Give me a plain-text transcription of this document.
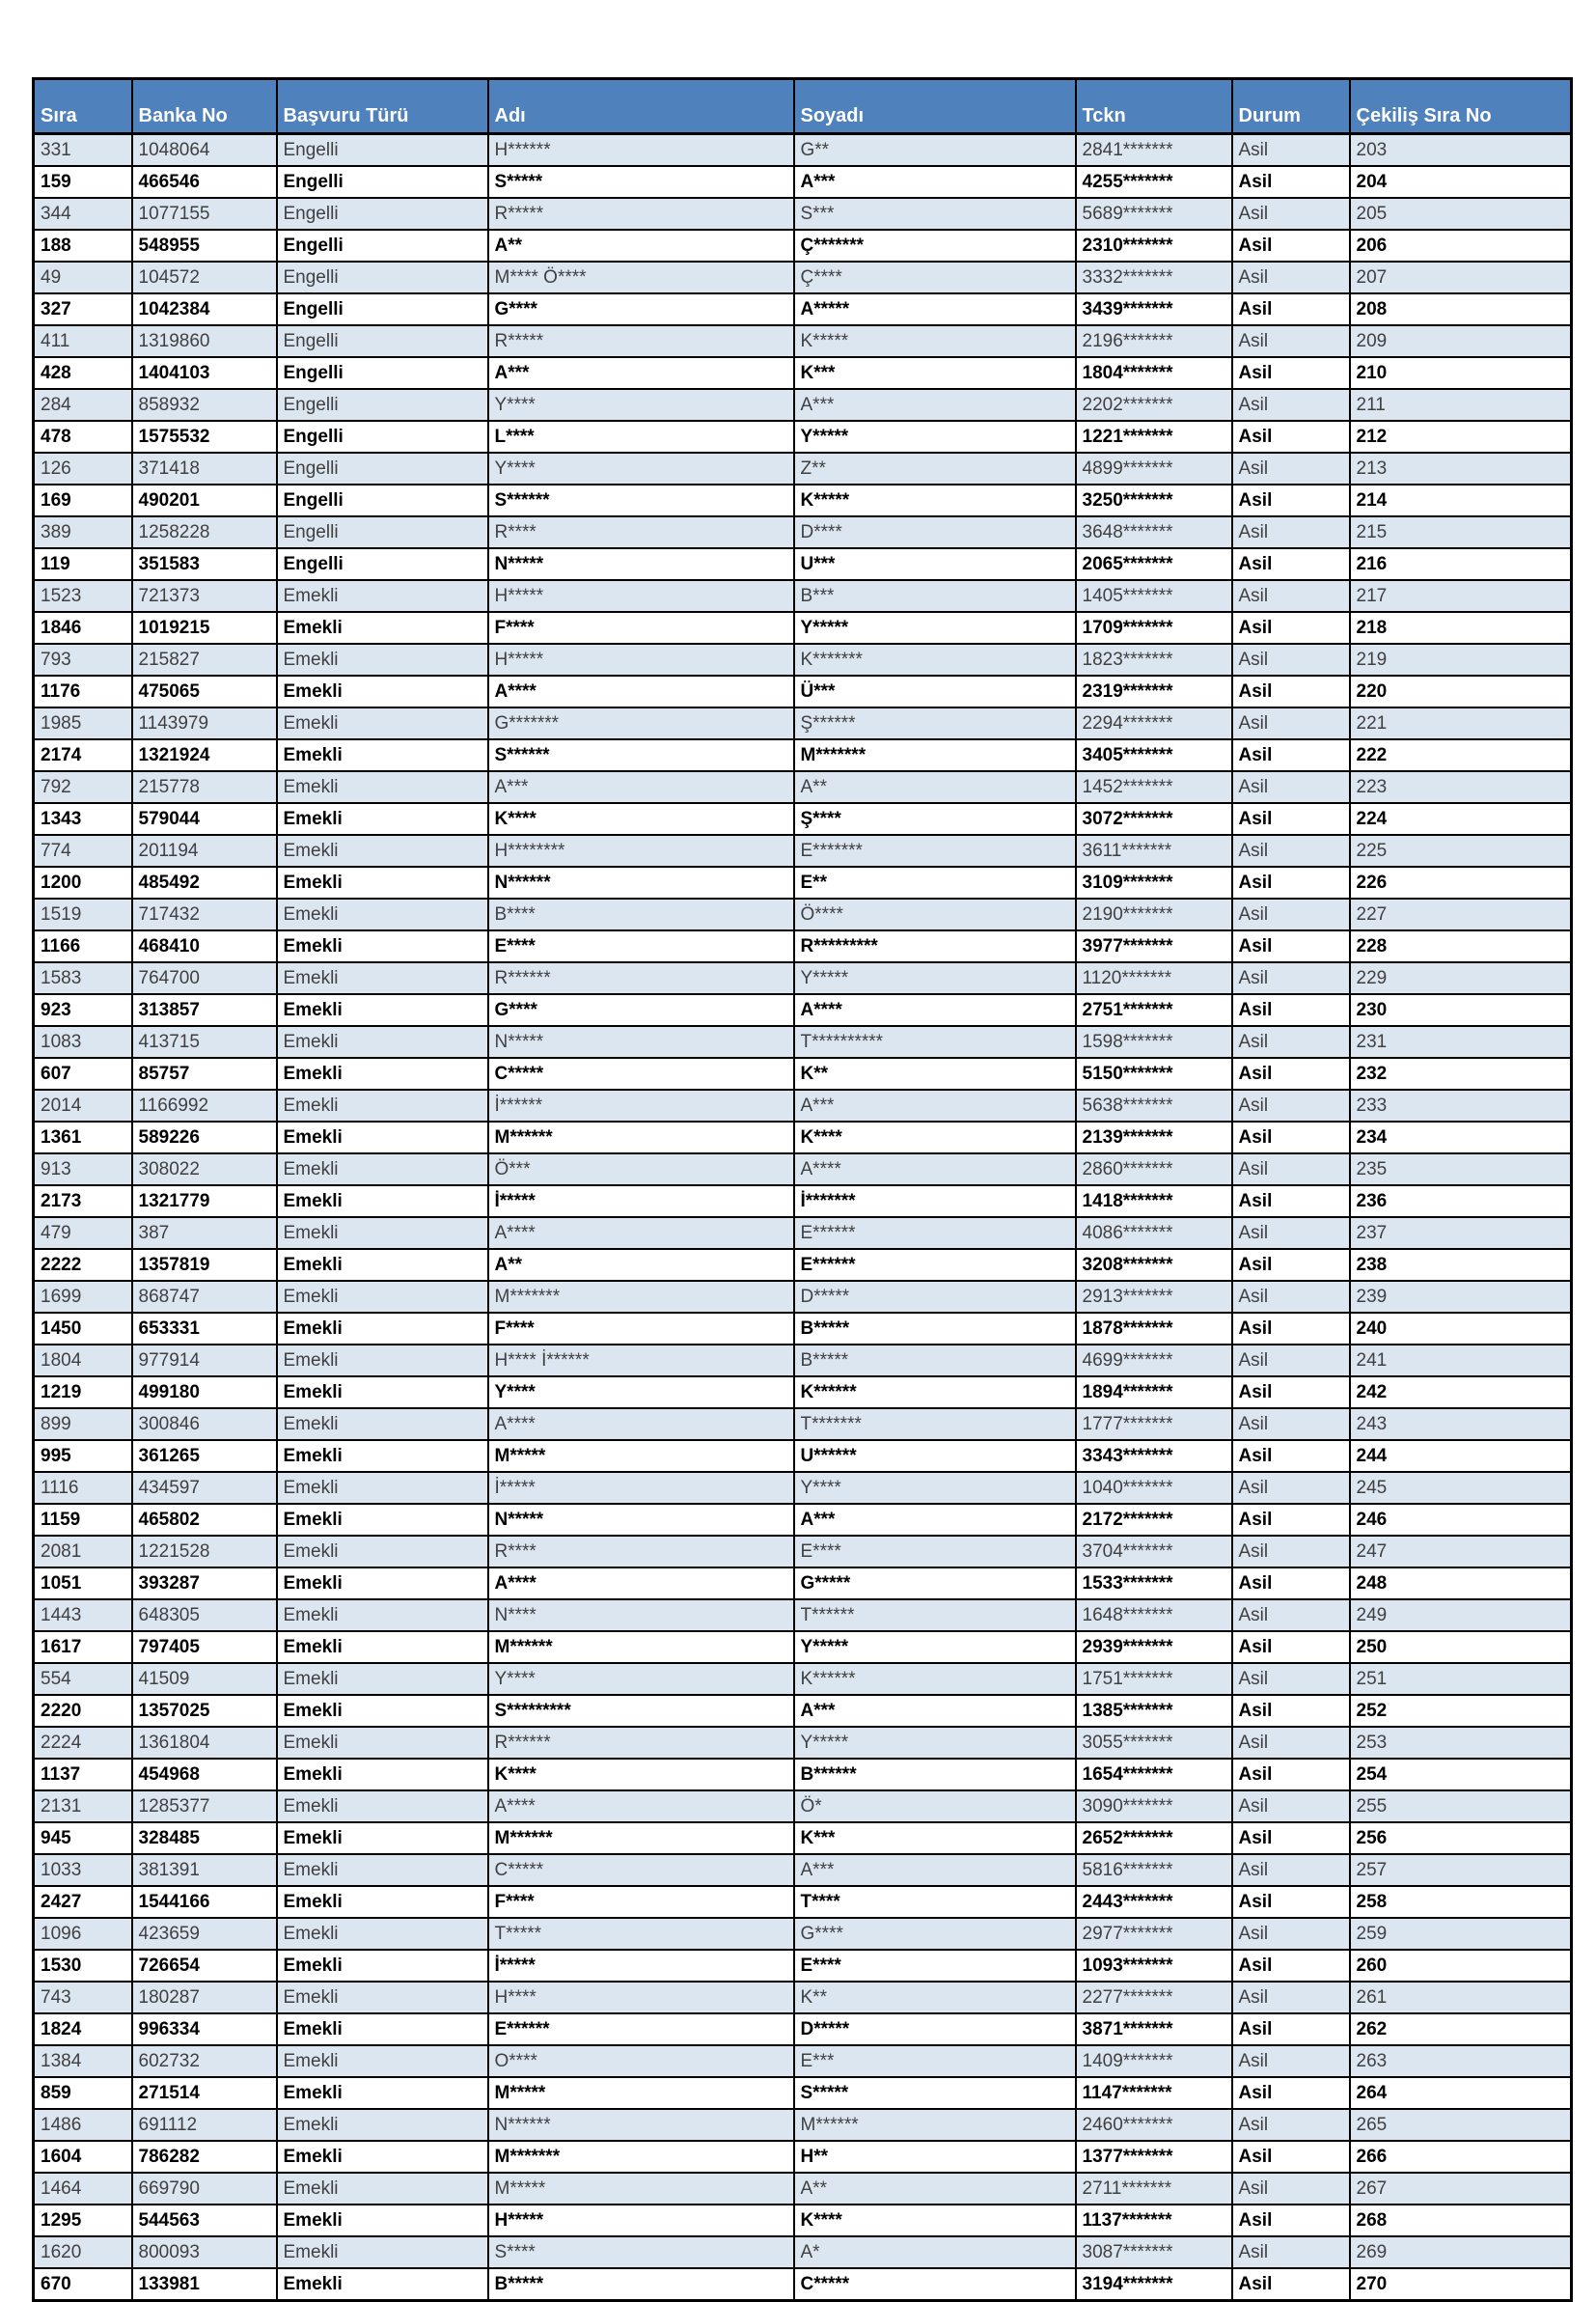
Sıra	Banka No	Başvuru Türü	Adı	Soyadı	Tckn	Durum	Çekiliş Sıra No
331	1048064	Engelli	H******	G**	2841*******	Asil	203
159	466546	Engelli	S*****	A***	4255*******	Asil	204
344	1077155	Engelli	R*****	S***	5689*******	Asil	205
188	548955	Engelli	A**	Ç*******	2310*******	Asil	206
49	104572	Engelli	M**** Ö****	Ç****	3332*******	Asil	207
327	1042384	Engelli	G****	A*****	3439*******	Asil	208
411	1319860	Engelli	R*****	K*****	2196*******	Asil	209
428	1404103	Engelli	A***	K***	1804*******	Asil	210
284	858932	Engelli	Y****	A***	2202*******	Asil	211
478	1575532	Engelli	L****	Y*****	1221*******	Asil	212
126	371418	Engelli	Y****	Z**	4899*******	Asil	213
169	490201	Engelli	S******	K*****	3250*******	Asil	214
389	1258228	Engelli	R****	D****	3648*******	Asil	215
119	351583	Engelli	N*****	U***	2065*******	Asil	216
1523	721373	Emekli	H*****	B***	1405*******	Asil	217
1846	1019215	Emekli	F****	Y*****	1709*******	Asil	218
793	215827	Emekli	H*****	K*******	1823*******	Asil	219
1176	475065	Emekli	A****	Ü***	2319*******	Asil	220
1985	1143979	Emekli	G*******	Ş******	2294*******	Asil	221
2174	1321924	Emekli	S******	M*******	3405*******	Asil	222
792	215778	Emekli	A***	A**	1452*******	Asil	223
1343	579044	Emekli	K****	Ş****	3072*******	Asil	224
774	201194	Emekli	H********	E*******	3611*******	Asil	225
1200	485492	Emekli	N******	E**	3109*******	Asil	226
1519	717432	Emekli	B****	Ö****	2190*******	Asil	227
1166	468410	Emekli	E****	R*********	3977*******	Asil	228
1583	764700	Emekli	R******	Y*****	1120*******	Asil	229
923	313857	Emekli	G****	A****	2751*******	Asil	230
1083	413715	Emekli	N*****	T**********	1598*******	Asil	231
607	85757	Emekli	C*****	K**	5150*******	Asil	232
2014	1166992	Emekli	İ******	A***	5638*******	Asil	233
1361	589226	Emekli	M******	K****	2139*******	Asil	234
913	308022	Emekli	Ö***	A****	2860*******	Asil	235
2173	1321779	Emekli	İ*****	İ*******	1418*******	Asil	236
479	387	Emekli	A****	E******	4086*******	Asil	237
2222	1357819	Emekli	A**	E******	3208*******	Asil	238
1699	868747	Emekli	M*******	D*****	2913*******	Asil	239
1450	653331	Emekli	F****	B*****	1878*******	Asil	240
1804	977914	Emekli	H**** İ******	B*****	4699*******	Asil	241
1219	499180	Emekli	Y****	K******	1894*******	Asil	242
899	300846	Emekli	A****	T*******	1777*******	Asil	243
995	361265	Emekli	M*****	U******	3343*******	Asil	244
1116	434597	Emekli	İ*****	Y****	1040*******	Asil	245
1159	465802	Emekli	N*****	A***	2172*******	Asil	246
2081	1221528	Emekli	R****	E****	3704*******	Asil	247
1051	393287	Emekli	A****	G*****	1533*******	Asil	248
1443	648305	Emekli	N****	T******	1648*******	Asil	249
1617	797405	Emekli	M******	Y*****	2939*******	Asil	250
554	41509	Emekli	Y****	K******	1751*******	Asil	251
2220	1357025	Emekli	S*********	A***	1385*******	Asil	252
2224	1361804	Emekli	R******	Y*****	3055*******	Asil	253
1137	454968	Emekli	K****	B******	1654*******	Asil	254
2131	1285377	Emekli	A****	Ö*	3090*******	Asil	255
945	328485	Emekli	M******	K***	2652*******	Asil	256
1033	381391	Emekli	C*****	A***	5816*******	Asil	257
2427	1544166	Emekli	F****	T****	2443*******	Asil	258
1096	423659	Emekli	T*****	G****	2977*******	Asil	259
1530	726654	Emekli	İ*****	E****	1093*******	Asil	260
743	180287	Emekli	H****	K**	2277*******	Asil	261
1824	996334	Emekli	E******	D*****	3871*******	Asil	262
1384	602732	Emekli	O****	E***	1409*******	Asil	263
859	271514	Emekli	M*****	S*****	1147*******	Asil	264
1486	691112	Emekli	N******	M******	2460*******	Asil	265
1604	786282	Emekli	M*******	H**	1377*******	Asil	266
1464	669790	Emekli	M*****	A**	2711*******	Asil	267
1295	544563	Emekli	H*****	K****	1137*******	Asil	268
1620	800093	Emekli	S****	A*	3087*******	Asil	269
670	133981	Emekli	B*****	C*****	3194*******	Asil	270
